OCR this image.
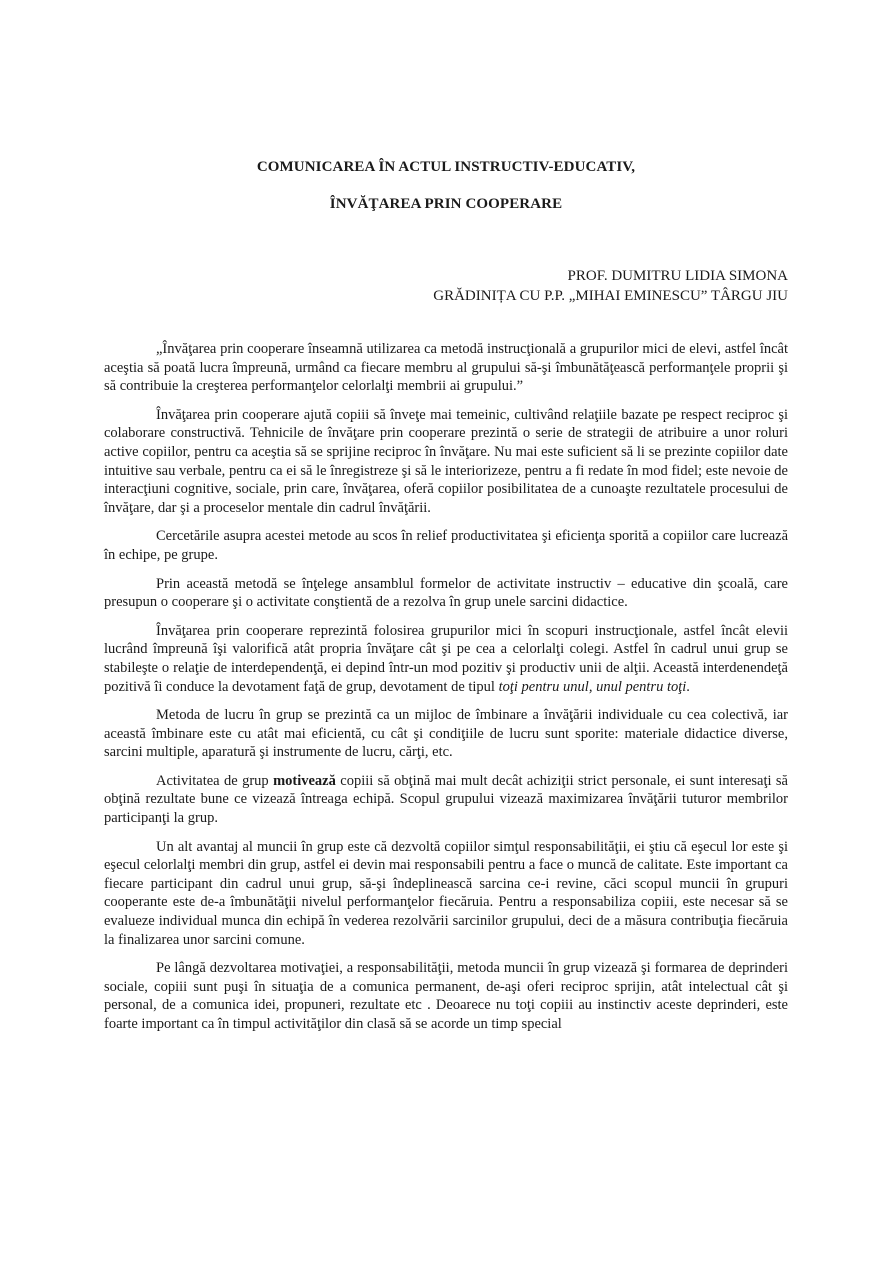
COMUNICAREA ÎN ACTUL INSTRUCTIV-EDUCATIV,
ÎNVĂŢAREA PRIN COOPERARE
PROF. DUMITRU LIDIA SIMONA
GRĂDINIȚA CU P.P. „MIHAI EMINESCU” TÂRGU JIU

„Învăţarea prin cooperare înseamnă utilizarea ca metodă instrucţională a grupurilor mici de elevi, astfel încât aceştia să poată lucra împreună, urmând ca fiecare membru al grupului să-şi îmbunătăţească performanţele proprii şi să contribuie la creşterea performanţelor celorlalţi membrii ai grupului.”

Învăţarea prin cooperare ajută copiii să înveţe mai temeinic, cultivând relaţiile bazate pe respect reciproc şi colaborare constructivă. Tehnicile de învăţare prin cooperare prezintă o serie de strategii de atribuire a unor roluri active copiilor, pentru ca aceştia să se sprijine reciproc în învăţare. Nu mai este suficient să li se prezinte copiilor date intuitive sau verbale, pentru ca ei să le înregistreze şi să le interiorizeze, pentru a fi redate în mod fidel; este nevoie de interacţiuni cognitive, sociale, prin care, învăţarea, oferă copiilor posibilitatea de a cunoaşte rezultatele procesului de învăţare, dar şi a proceselor mentale din cadrul învăţării.

Cercetările asupra acestei metode au scos în relief productivitatea şi eficienţa sporită a copiilor care lucrează în echipe, pe grupe.

Prin această metodă se înţelege ansamblul formelor de activitate instructiv – educative din şcoală, care presupun o cooperare şi o activitate conştientă de a rezolva în grup unele sarcini didactice.

Învăţarea prin cooperare reprezintă folosirea grupurilor mici în scopuri instrucţionale, astfel încât elevii lucrând împreună îşi valorifică atât propria învăţare cât şi pe cea a celorlalţi colegi. Astfel în cadrul unui grup se stabileşte o relaţie de interdependenţă, ei depind într-un mod pozitiv şi productiv unii de alţii. Această interdenendeţă pozitivă îi conduce la devotament faţă de grup, devotament de tipul toţi pentru unul, unul pentru toţi.

Metoda de lucru în grup se prezintă ca un mijloc de îmbinare a învăţării individuale cu cea colectivă, iar această îmbinare este cu atât mai eficientă, cu cât şi condiţiile de lucru sunt sporite: materiale didactice diverse, sarcini multiple, aparatură şi instrumente de lucru, cărţi, etc.

Activitatea de grup motivează copiii să obţină mai mult decât achiziţii strict personale, ei sunt interesaţi să obţină rezultate bune ce vizează întreaga echipă. Scopul grupului vizează maximizarea învăţării tuturor membrilor participanţi la grup.

Un alt avantaj al muncii în grup este că dezvoltă copiilor simţul responsabilităţii, ei ştiu că eşecul lor este şi eşecul celorlalţi membri din grup, astfel ei devin mai responsabili pentru a face o muncă de calitate. Este important ca fiecare participant din cadrul unui grup, să-şi îndeplinească sarcina ce-i revine, căci scopul muncii în grupuri cooperante este de-a îmbunătăţii nivelul performanţelor fiecăruia. Pentru a responsabiliza copiii, este necesar să se evalueze individual munca din echipă în vederea rezolvării sarcinilor grupului, deci de a măsura contribuţia fiecăruia la finalizarea unor sarcini comune.

Pe lângă dezvoltarea motivaţiei, a responsabilităţii, metoda muncii în grup vizează şi formarea de deprinderi sociale, copiii sunt puşi în situaţia de a comunica permanent, de-aşi oferi reciproc sprijin, atât intelectual cât şi personal, de a comunica idei, propuneri, rezultate etc . Deoarece nu toţi copiii au instinctiv aceste deprinderi, este foarte important ca în timpul activităţilor din clasă să se acorde un timp special
